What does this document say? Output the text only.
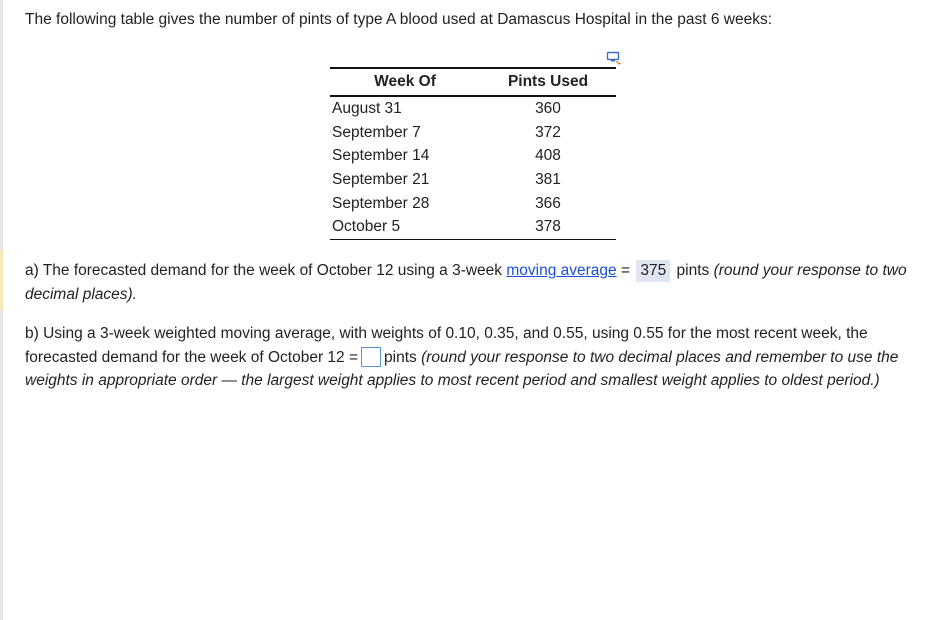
The following table gives the number of pints of type A blood used at Damascus Hospital in the past 6 weeks:
Week Of	Pints Used
August 31	360
September 7	372
September 14	408
September 21	381
September 28	366
October 5	378
a) The forecasted demand for the week of October 12 using a 3-week moving average = 375 pints (round your response to two decimal places).
b) Using a 3-week weighted moving average, with weights of 0.10, 0.35, and 0.55, using 0.55 for the most recent week, the forecasted demand for the week of October 12 = pints (round your response to two decimal places and remember to use the weights in appropriate order — the largest weight applies to most recent period and smallest weight applies to oldest period.)
